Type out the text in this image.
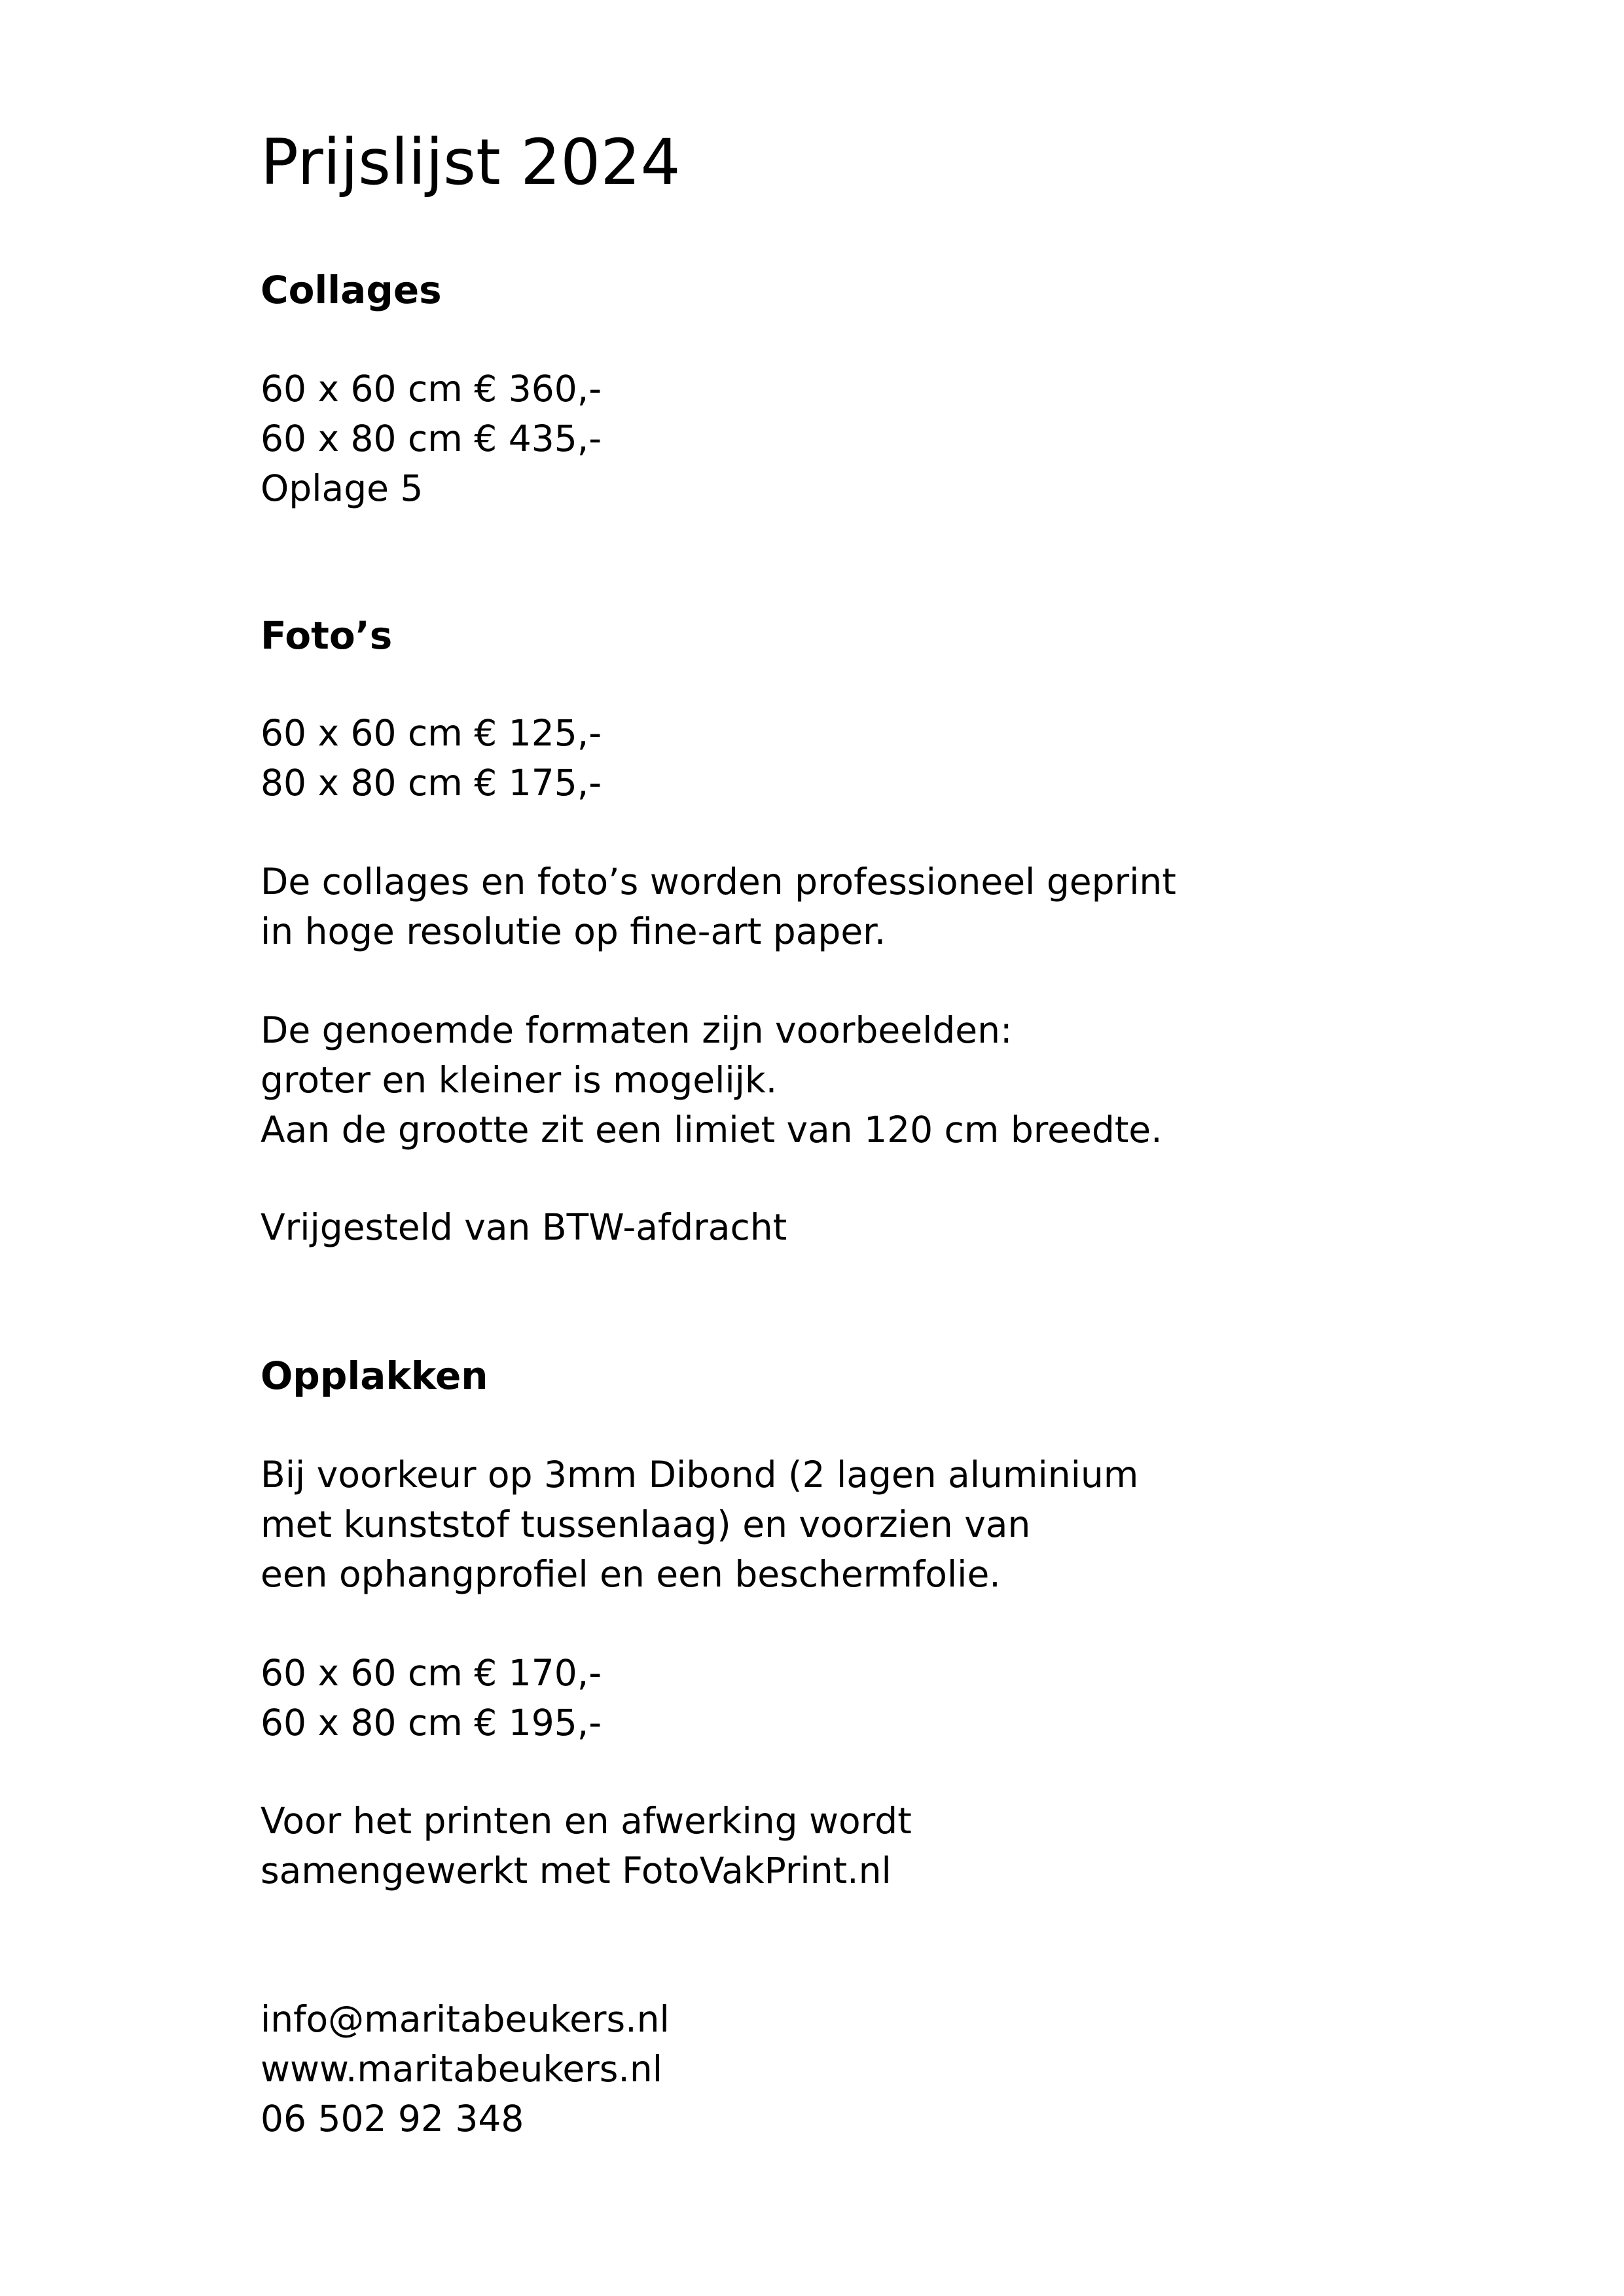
Prijslijst 2024
Collages
60 x 60 cm € 360,-
60 x 80 cm € 435,-
Oplage 5
Foto’s
60 x 60 cm € 125,-
80 x 80 cm € 175,-
De collages en foto’s worden professioneel geprint
in hoge resolutie op fine-art paper.
De genoemde formaten zijn voorbeelden:
groter en kleiner is mogelijk.
Aan de grootte zit een limiet van 120 cm breedte.
Vrijgesteld van BTW-afdracht
Opplakken
Bij voorkeur op 3mm Dibond (2 lagen aluminium
met kunststof tussenlaag) en voorzien van
een ophangprofiel en een beschermfolie.
60 x 60 cm € 170,-
60 x 80 cm € 195,-
Voor het printen en afwerking wordt
samengewerkt met FotoVakPrint.nl
info@maritabeukers.nl
www.maritabeukers.nl
06 502 92 348
